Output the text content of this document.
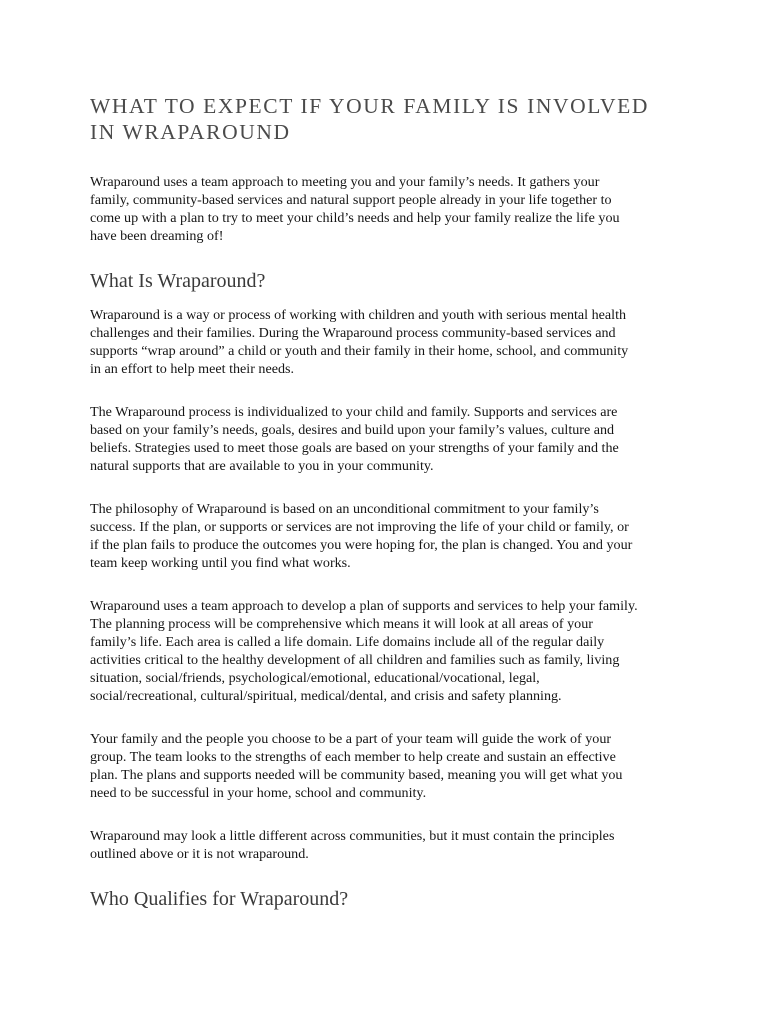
WHAT TO EXPECT IF YOUR FAMILY IS INVOLVED
IN WRAPAROUND

Wraparound uses a team approach to meeting you and your family’s needs. It gathers your
family, community-based services and natural support people already in your life together to
come up with a plan to try to meet your child’s needs and help your family realize the life you
have been dreaming of!

What Is Wraparound?

Wraparound is a way or process of working with children and youth with serious mental health
challenges and their families. During the Wraparound process community-based services and
supports “wrap around” a child or youth and their family in their home, school, and community
in an effort to help meet their needs.

The Wraparound process is individualized to your child and family. Supports and services are
based on your family’s needs, goals, desires and build upon your family’s values, culture and
beliefs. Strategies used to meet those goals are based on your strengths of your family and the
natural supports that are available to you in your community.

The philosophy of Wraparound is based on an unconditional commitment to your family’s
success. If the plan, or supports or services are not improving the life of your child or family, or
if the plan fails to produce the outcomes you were hoping for, the plan is changed. You and your
team keep working until you find what works.

Wraparound uses a team approach to develop a plan of supports and services to help your family.
The planning process will be comprehensive which means it will look at all areas of your
family’s life. Each area is called a life domain. Life domains include all of the regular daily
activities critical to the healthy development of all children and families such as family, living
situation, social/friends, psychological/emotional, educational/vocational, legal,
social/recreational, cultural/spiritual, medical/dental, and crisis and safety planning.

Your family and the people you choose to be a part of your team will guide the work of your
group. The team looks to the strengths of each member to help create and sustain an effective
plan. The plans and supports needed will be community based, meaning you will get what you
need to be successful in your home, school and community.

Wraparound may look a little different across communities, but it must contain the principles
outlined above or it is not wraparound.

Who Qualifies for Wraparound?
